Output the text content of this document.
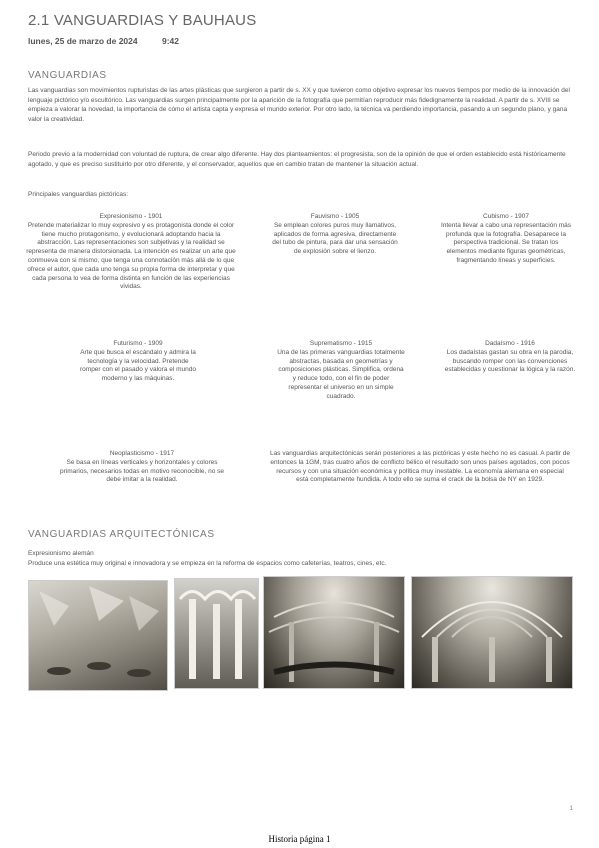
2.1 VANGUARDIAS Y BAUHAUS
lunes, 25 de marzo de 2024	9:42
VANGUARDIAS
Las vanguardias son movimientos rupturistas de las artes plásticas que surgieron a partir de s. XX y que tuvieron como objetivo expresar los nuevos tiempos por medio de la innovación del lenguaje pictórico y/o escultórico. Las vanguardias surgen principalmente por la aparición de la fotografía que permitían reproducir más fidedignamente la realidad. A partir de s. XVIII se empieza a valorar la novedad, la importancia de cómo el artista capta y expresa el mundo exterior. Por otro lado, la técnica va perdiendo importancia, pasando a un segundo plano, y gana valor la creatividad.
Periodo previo a la modernidad con voluntad de ruptura, de crear algo diferente. Hay dos planteamientos: el progresista, son de la opinión de que el orden establecido está históricamente agotado, y que es preciso sustituirlo por otro diferente, y el conservador, aquellos que en cambio tratan de mantener la situación actual.
Principales vanguardias pictóricas:
Expresionismo - 1901
Pretende materializar lo muy expresivo y es protagonista donde el color tiene mucho protagonismo, y evolucionará adoptando hacia la abstracción. Las representaciones son subjetivas y la realidad se representa de manera distorsionada. La intención es realizar un arte que conmueva con si mismo, que tenga una connotación más allá de lo que ofrece el autor, que cada uno tenga su propia forma de interpretar y que cada persona lo vea de forma distinta en función de las experiencias vividas.
Fauvismo - 1905
Se emplean colores puros muy llamativos, aplicados de forma agresiva, directamente del tubo de pintura, para dar una sensación de explosión sobre el lienzo.
Cubismo - 1907
Intenta llevar a cabo una representación más profunda que la fotografía. Desaparece la perspectiva tradicional. Se tratan los elementos mediante figuras geométricas, fragmentando líneas y superficies.
Futurismo - 1909
Arte que busca el escándalo y admira la tecnología y la velocidad. Pretende romper con el pasado y valora el mundo moderno y las máquinas.
Suprematismo - 1915
Una de las primeras vanguardias totalmente abstractas, basada en geometrías y composiciones plásticas. Simplifica, ordena y reduce todo, con el fin de poder representar el universo en un simple cuadrado.
Dadaísmo - 1916
Los dadaístas gastan su obra en la parodia, buscando romper con las convenciones establecidas y cuestionar la lógica y la razón.
Neoplasticismo - 1917
Se basa en líneas verticales y horizontales y colores primarios, necesarios todas en motivo reconocible, no se debe imitar a la realidad.
Las vanguardias arquitectónicas serán posteriores a las pictóricas y este hecho no es casual. A partir de entonces la 1GM, tras cuatro años de conflicto bélico el resultado son unos países agotados, con pocos recursos y con una situación económica y política muy inestable. La economía alemana en especial está completamente hundida. A todo ello se suma el crack de la bolsa de NY en 1929.
VANGUARDIAS ARQUITECTÓNICAS
Expresionismo alemán
Produce una estética muy original e innovadora y se empieza en la reforma de espacios como cafeterías, teatros, cines, etc.
1
Historia página 1
